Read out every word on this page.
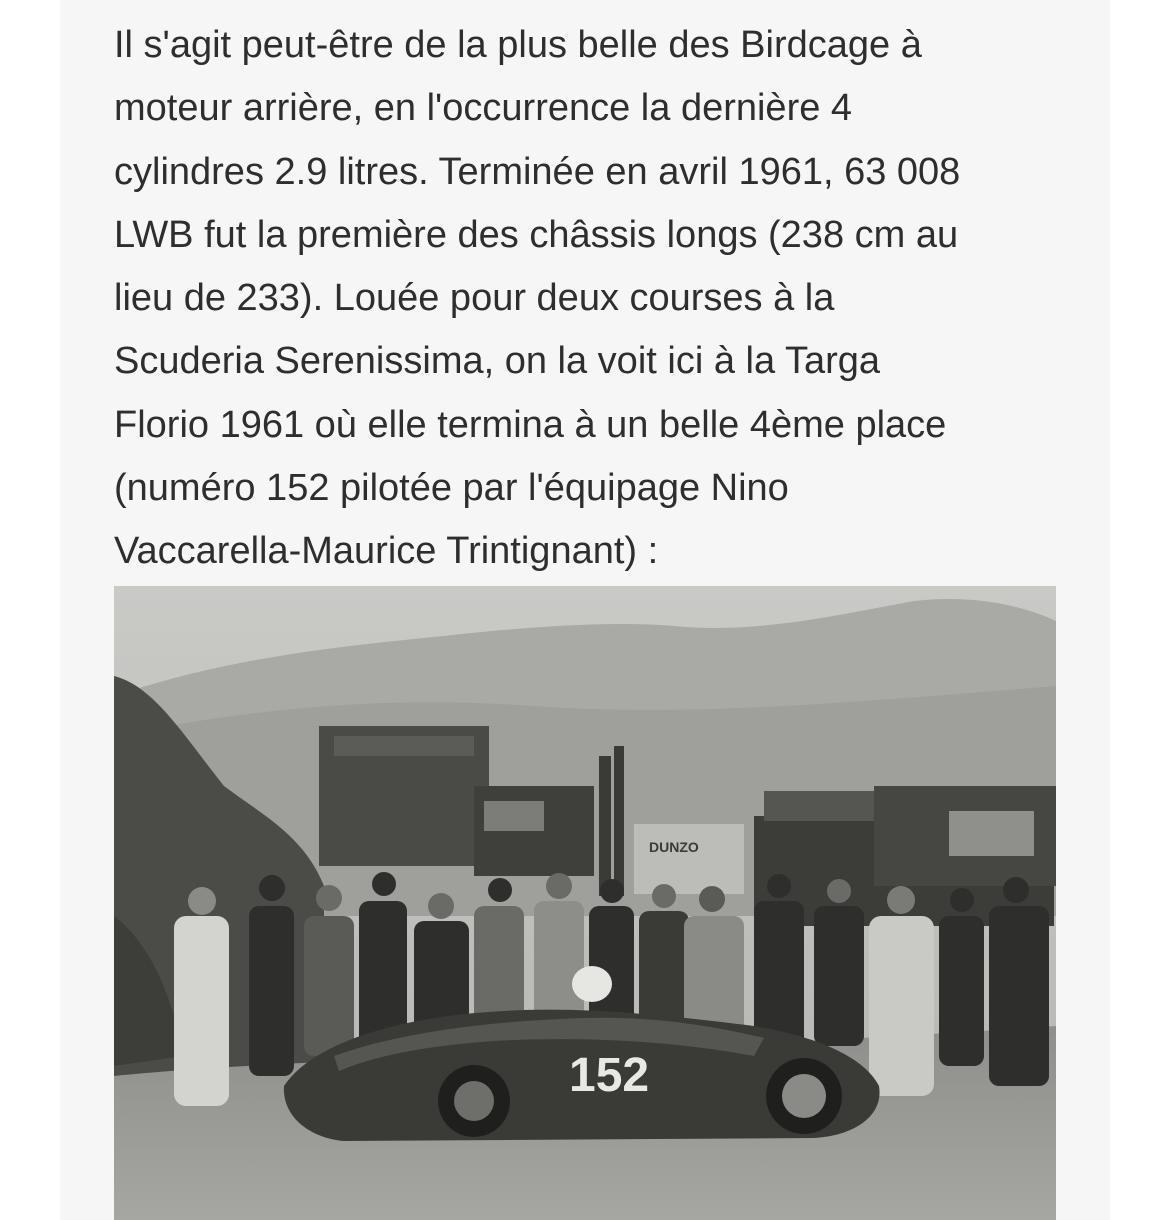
Il s'agit peut-être de la plus belle des Birdcage à
moteur arrière, en l'occurrence la dernière 4
cylindres 2.9 litres. Terminée en avril 1961, 63 008
LWB fut la première des châssis longs (238 cm au
lieu de 233). Louée pour deux courses à la
Scuderia Serenissima, on la voit ici à la Targa
Florio 1961 où elle termina à un belle 4ème place
(numéro 152 pilotée par l'équipage Nino
Vaccarella-Maurice Trintignant) :

DUNZO
152
